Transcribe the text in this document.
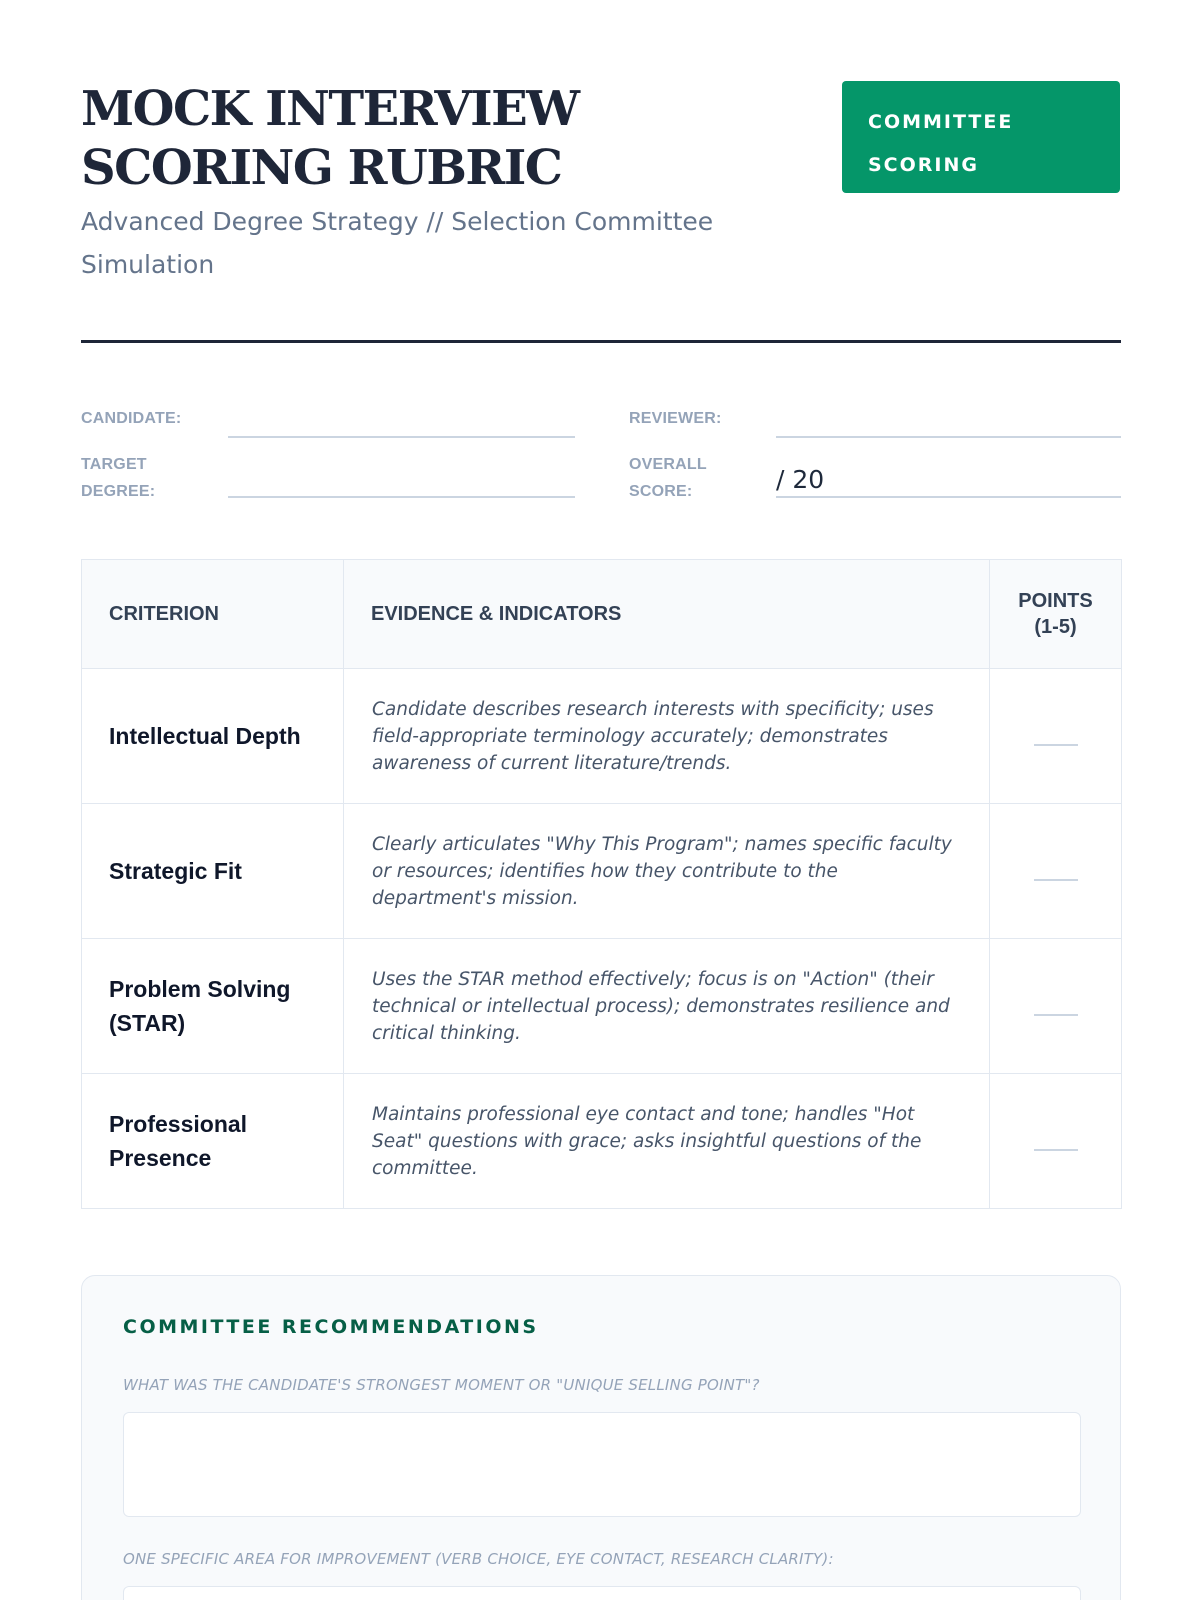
MOCK INTERVIEW SCORING RUBRIC
Advanced Degree Strategy // Selection Committee Simulation
COMMITTEE
SCORING
CANDIDATE:	REVIEWER:
TARGET
DEGREE:
OVERALL
SCORE:	/ 20
CRITERION	EVIDENCE & INDICATORS	POINTS
(1-5)

Intellectual Depth	Candidate describes research interests with specificity; uses field-appropriate terminology accurately; demonstrates awareness of current literature/trends.	
Strategic Fit	Clearly articulates "Why This Program"; names specific faculty or resources; identifies how they contribute to the department's mission.	
Problem Solving (STAR)	Uses the STAR method effectively; focus is on "Action" (their technical or intellectual process); demonstrates resilience and critical thinking.	
Professional Presence	Maintains professional eye contact and tone; handles "Hot Seat" questions with grace; asks insightful questions of the committee.	
COMMITTEE RECOMMENDATIONS
WHAT WAS THE CANDIDATE'S STRONGEST MOMENT OR "UNIQUE SELLING POINT"?
ONE SPECIFIC AREA FOR IMPROVEMENT (VERB CHOICE, EYE CONTACT, RESEARCH CLARITY):
